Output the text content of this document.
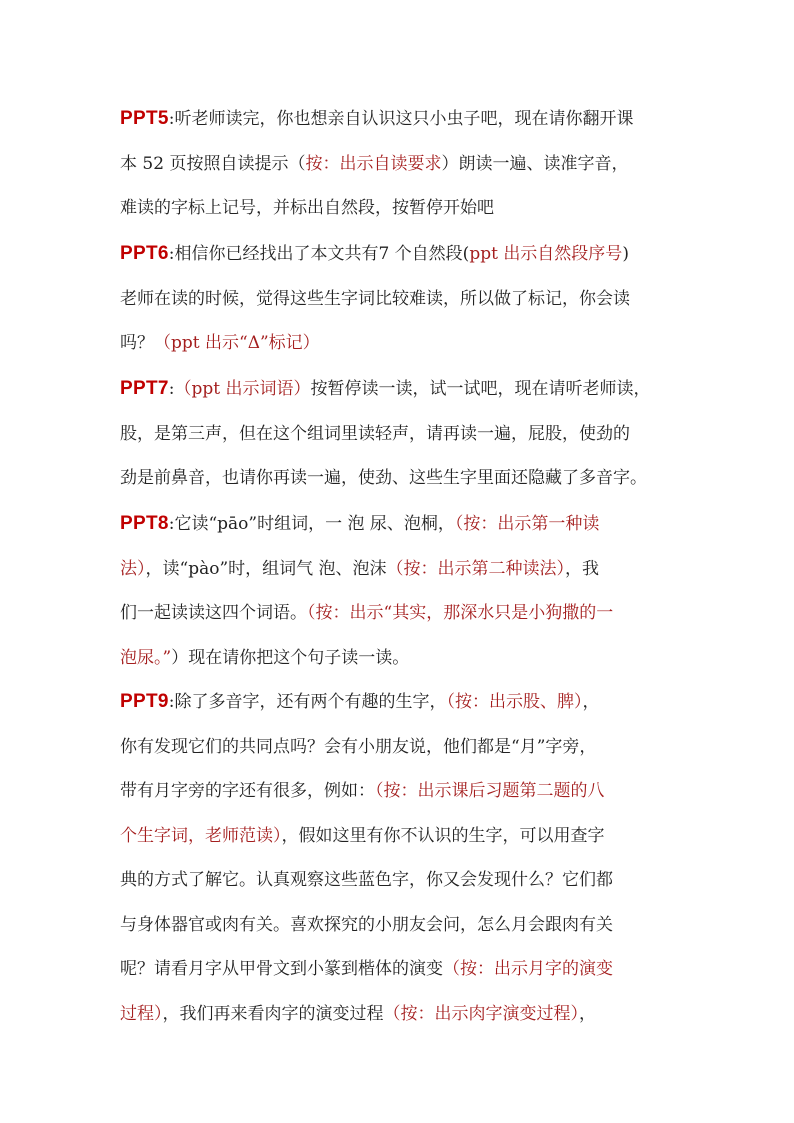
PPT5:听老师读完，你也想亲自认识这只小虫子吧，现在请你翻开课
本 52 页按照自读提示（按：出示自读要求）朗读一遍、读准字音，
难读的字标上记号，并标出自然段，按暂停开始吧
PPT6:相信你已经找出了本文共有7 个自然段(ppt 出示自然段序号)
老师在读的时候，觉得这些生字词比较难读，所以做了标记，你会读
吗？（ppt 出示“Δ”标记）
PPT7:（ppt 出示词语）按暂停读一读，试一试吧，现在请听老师读，
股，是第三声，但在这个组词里读轻声，请再读一遍，屁股，使劲的
劲是前鼻音，也请你再读一遍，使劲、这些生字里面还隐藏了多音字。
PPT8:它读“pāo”时组词，一 泡 尿、泡桐，（按：出示第一种读
法），读“pào”时，组词气 泡、泡沫（按：出示第二种读法），我
们一起读读这四个词语。（按：出示“其实，那深水只是小狗撒的一
泡尿。”）现在请你把这个句子读一读。
PPT9:除了多音字，还有两个有趣的生字，（按：出示股、脾），
你有发现它们的共同点吗？会有小朋友说，他们都是“月”字旁，
带有月字旁的字还有很多，例如：（按：出示课后习题第二题的八
个生字词，老师范读），假如这里有你不认识的生字，可以用查字
典的方式了解它。认真观察这些蓝色字，你又会发现什么？它们都
与身体器官或肉有关。喜欢探究的小朋友会问，怎么月会跟肉有关
呢？请看月字从甲骨文到小篆到楷体的演变（按：出示月字的演变
过程），我们再来看肉字的演变过程（按：出示肉字演变过程），
